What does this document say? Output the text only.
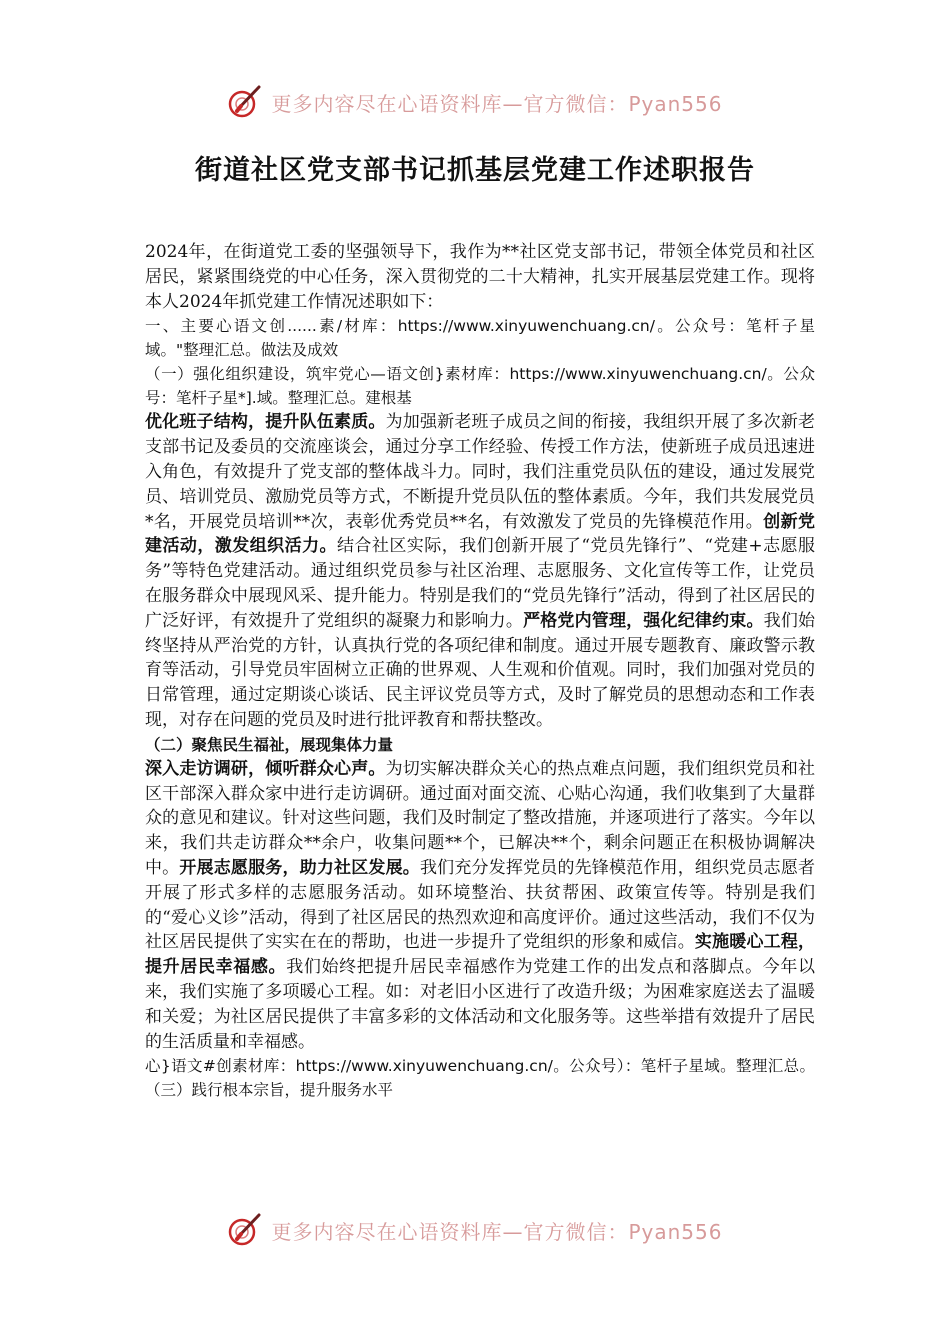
更多内容尽在心语资料库—官方微信：Pyan556
街道社区党支部书记抓基层党建工作述职报告

2024年，在街道党工委的坚强领导下，我作为**社区党支部书记，带领全体党员和社区居民，紧紧围绕党的中心任务，深入贯彻党的二十大精神，扎实开展基层党建工作。现将本人2024年抓党建工作情况述职如下：

一、主要心语文创......素/材库：https://www.xinyuwenchuang.cn/。公众号：笔杆子星域。"整理汇总。做法及成效

（一）强化组织建设，筑牢党心—语文创}素材库：https://www.xinyuwenchuang.cn/。公众号：笔杆子星*].域。整理汇总。建根基

优化班子结构，提升队伍素质。为加强新老班子成员之间的衔接，我组织开展了多次新老支部书记及委员的交流座谈会，通过分享工作经验、传授工作方法，使新班子成员迅速进入角色，有效提升了党支部的整体战斗力。同时，我们注重党员队伍的建设，通过发展党员、培训党员、激励党员等方式，不断提升党员队伍的整体素质。今年，我们共发展党员*名，开展党员培训**次，表彰优秀党员**名，有效激发了党员的先锋模范作用。创新党建活动，激发组织活力。结合社区实际，我们创新开展了“党员先锋行”、“党建+志愿服务”等特色党建活动。通过组织党员参与社区治理、志愿服务、文化宣传等工作，让党员在服务群众中展现风采、提升能力。特别是我们的“党员先锋行”活动，得到了社区居民的广泛好评，有效提升了党组织的凝聚力和影响力。严格党内管理，强化纪律约束。我们始终坚持从严治党的方针，认真执行党的各项纪律和制度。通过开展专题教育、廉政警示教育等活动，引导党员牢固树立正确的世界观、人生观和价值观。同时，我们加强对党员的日常管理，通过定期谈心谈话、民主评议党员等方式，及时了解党员的思想动态和工作表现，对存在问题的党员及时进行批评教育和帮扶整改。

（二）聚焦民生福祉，展现集体力量

深入走访调研，倾听群众心声。为切实解决群众关心的热点难点问题，我们组织党员和社区干部深入群众家中进行走访调研。通过面对面交流、心贴心沟通，我们收集到了大量群众的意见和建议。针对这些问题，我们及时制定了整改措施，并逐项进行了落实。今年以来，我们共走访群众**余户，收集问题**个，已解决**个，剩余问题正在积极协调解决中。开展志愿服务，助力社区发展。我们充分发挥党员的先锋模范作用，组织党员志愿者开展了形式多样的志愿服务活动。如环境整治、扶贫帮困、政策宣传等。特别是我们的“爱心义诊”活动，得到了社区居民的热烈欢迎和高度评价。通过这些活动，我们不仅为社区居民提供了实实在在的帮助，也进一步提升了党组织的形象和威信。实施暖心工程，提升居民幸福感。我们始终把提升居民幸福感作为党建工作的出发点和落脚点。今年以来，我们实施了多项暖心工程。如：对老旧小区进行了改造升级；为困难家庭送去了温暖和关爱；为社区居民提供了丰富多彩的文体活动和文化服务等。这些举措有效提升了居民的生活质量和幸福感。

心}语文#创素材库：https://www.xinyuwenchuang.cn/。公众号）：笔杆子星域。整理汇总。（三）践行根本宗旨，提升服务水平

更多内容尽在心语资料库—官方微信：Pyan556
